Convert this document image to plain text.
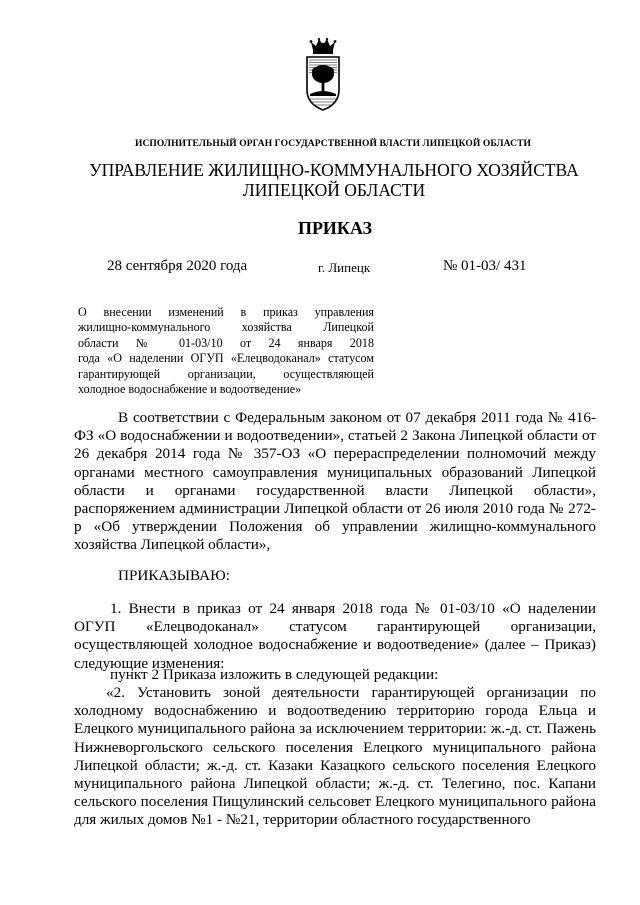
ИСПОЛНИТЕЛЬНЫЙ ОРГАН ГОСУДАРСТВЕННОЙ ВЛАСТИ ЛИПЕЦКОЙ ОБЛАСТИ
УПРАВЛЕНИЕ ЖИЛИЩНО-КОММУНАЛЬНОГО ХОЗЯЙСТВА
ЛИПЕЦКОЙ ОБЛАСТИ
ПРИКАЗ
28 сентября 2020 года	г. Липецк	№ 01-03/ 431
О внесении изменений в приказ управления
жилищно-коммунального хозяйства Липецкой
области № 01-03/10 от 24 января 2018
года «О наделении ОГУП «Елецводоканал» статусом
гарантирующей организации, осуществляющей
холодное водоснабжение и водоотведение»
В соответствии с Федеральным законом от 07 декабря 2011 года № 416-ФЗ «О водоснабжении и водоотведении», статьей 2 Закона Липецкой области от 26 декабря 2014 года № 357-ОЗ «О перераспределении полномочий между органами местного самоуправления муниципальных образований Липецкой области и органами государственной власти Липецкой области», распоряжением администрации Липецкой области от 26 июля 2010 года № 272-р «Об утверждении Положения об управлении жилищно-коммунального хозяйства Липецкой области»,
ПРИКАЗЫВАЮ:
1. Внести в приказ от 24 января 2018 года № 01-03/10 «О наделении ОГУП «Елецводоканал» статусом гарантирующей организации, осуществляющей холодное водоснабжение и водоотведение» (далее – Приказ) следующие изменения:
пункт 2 Приказа изложить в следующей редакции:
«2. Установить зоной деятельности гарантирующей организации по холодному водоснабжению и водоотведению территорию города Ельца и Елецкого муниципального района за исключением территории: ж.-д. ст. Пажень Нижневоргольского сельского поселения Елецкого муниципального района Липецкой области; ж.-д. ст. Казаки Казацкого сельского поселения Елецкого муниципального района Липецкой области; ж.-д. ст. Телегино, пос. Капани сельского поселения Пищулинский сельсовет Елецкого муниципального района для жилых домов №1 - №21, территории областного государственного
